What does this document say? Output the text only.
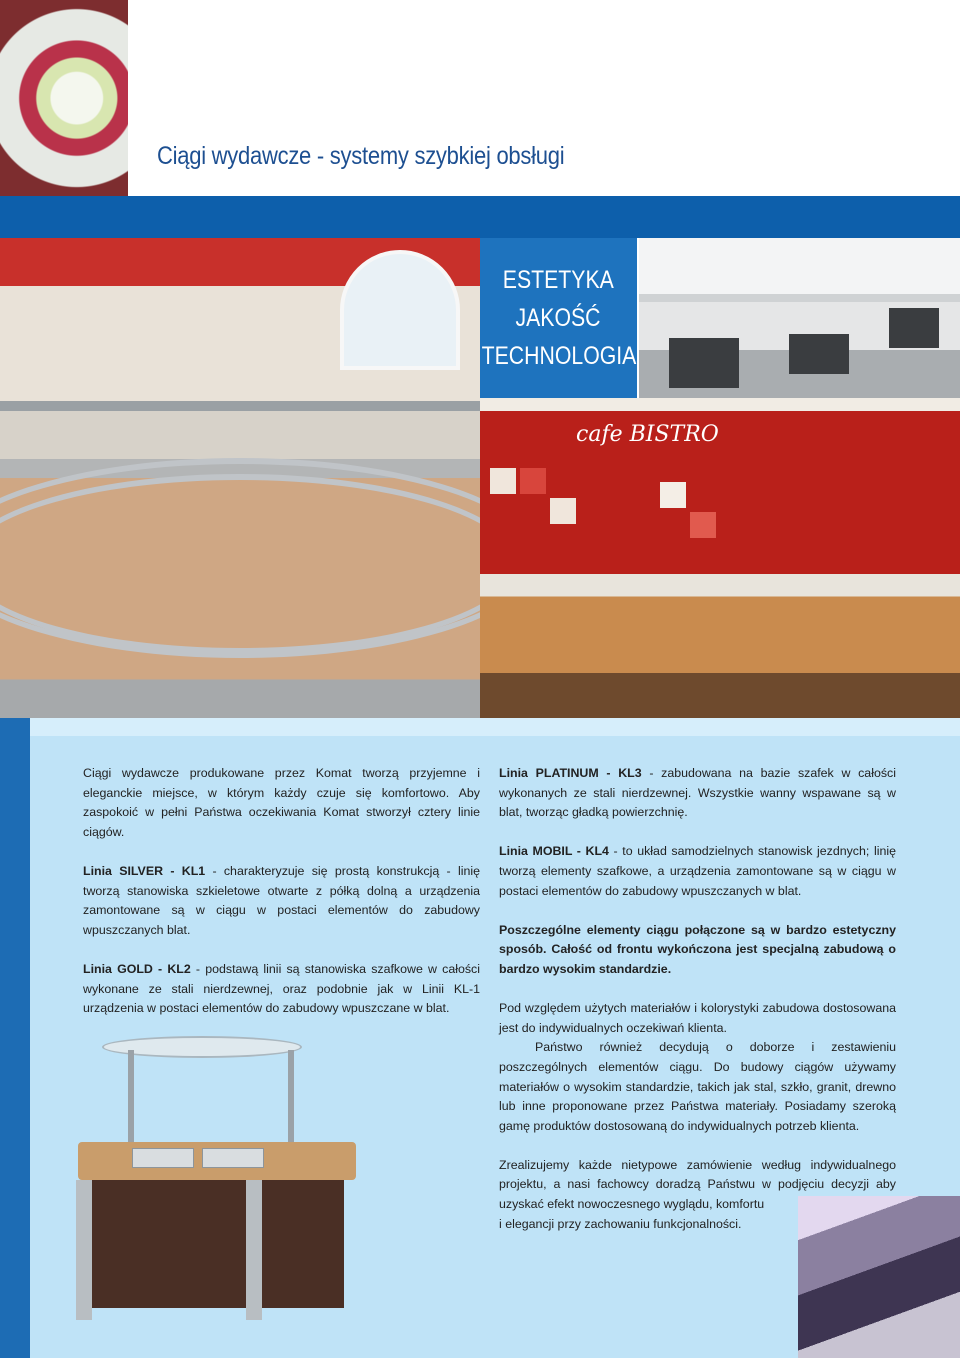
Ciągi wydawcze - systemy szybkiej obsługi
ESTETYKA
JAKOŚĆ
TECHNOLOGIA
cafe BISTRO

Ciągi wydawcze produkowane przez Komat tworzą przyjemne i eleganckie miejsce, w którym każdy czuje się komfortowo. Aby zaspokoić w pełni Państwa oczekiwania Komat stworzył cztery linie ciągów.

Linia SILVER - KL1 - charakteryzuje się prostą konstrukcją - linię tworzą stanowiska szkieletowe otwarte z półką dolną a urządzenia zamontowane są w ciągu w postaci elementów do zabudowy wpuszczanych blat.

Linia GOLD - KL2 - podstawą linii są stanowiska szafkowe w całości wykonane ze stali nierdzewnej, oraz podobnie jak w Linii KL-1 urządzenia w postaci elementów do zabudowy wpuszczane w blat.

Linia PLATINUM - KL3 - zabudowana na bazie szafek w całości wykonanych ze stali nierdzewnej. Wszystkie wanny wspawane są w blat, tworząc gładką powierzchnię.

Linia MOBIL - KL4 - to układ samodzielnych stanowisk jezdnych; linię tworzą elementy szafkowe, a urządzenia zamontowane są w ciągu w postaci elementów do zabudowy wpuszczanych w blat.

Poszczególne elementy ciągu połączone są w bardzo estetyczny sposób. Całość od frontu wykończona jest specjalną zabudową o bardzo wysokim standardzie.

Pod względem użytych materiałów i kolorystyki zabudowa dostosowana jest do indywidualnych oczekiwań klienta.

Państwo również decydują o doborze i zestawieniu poszczególnych elementów ciągu. Do budowy ciągów używamy materiałów o wysokim standardzie, takich jak stal, szkło, granit, drewno lub inne proponowane przez Państwa materiały. Posiadamy szeroką gamę produktów dostosowaną do indywidualnych potrzeb klienta.

Zrealizujemy każde nietypowe zamówienie według indywidualnego projektu, a nasi fachowcy doradzą Państwu w podjęciu decyzji aby uzyskać efekt nowoczesnego wyglądu, komfortu

i elegancji przy zachowaniu funkcjonalności.
